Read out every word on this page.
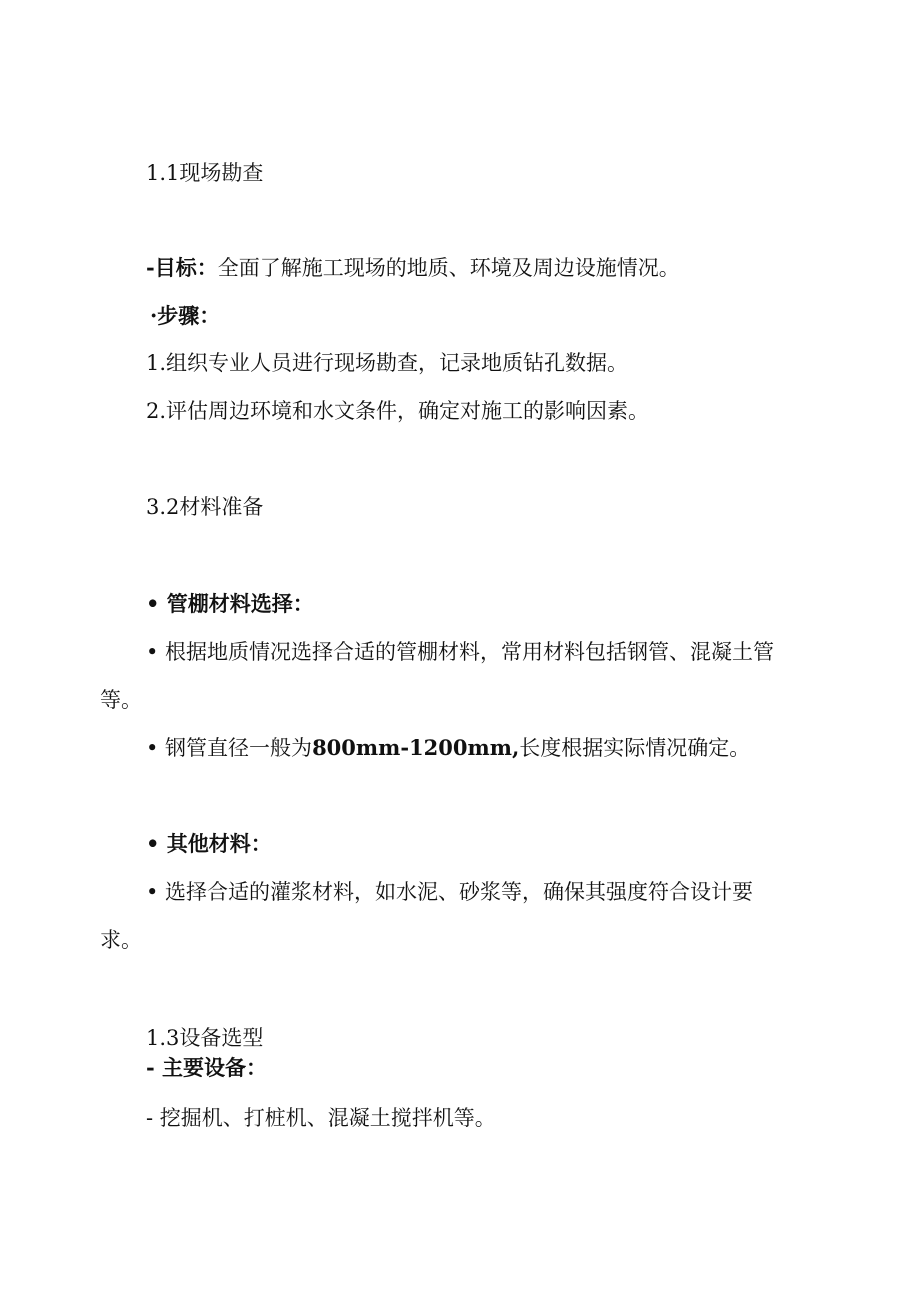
1.1现场勘查
-目标：全面了解施工现场的地质、环境及周边设施情况。
·步骤：
1.组织专业人员进行现场勘查，记录地质钻孔数据。
2.评估周边环境和水文条件，确定对施工的影响因素。
3.2材料准备
• 管棚材料选择：
• 根据地质情况选择合适的管棚材料，常用材料包括钢管、混凝土管
等。
• 钢管直径一般为800mm-1200mm,长度根据实际情况确定。
• 其他材料：
• 选择合适的灌浆材料，如水泥、砂浆等，确保其强度符合设计要
求。
1.3设备选型
- 主要设备：
- 挖掘机、打桩机、混凝土搅拌机等。
